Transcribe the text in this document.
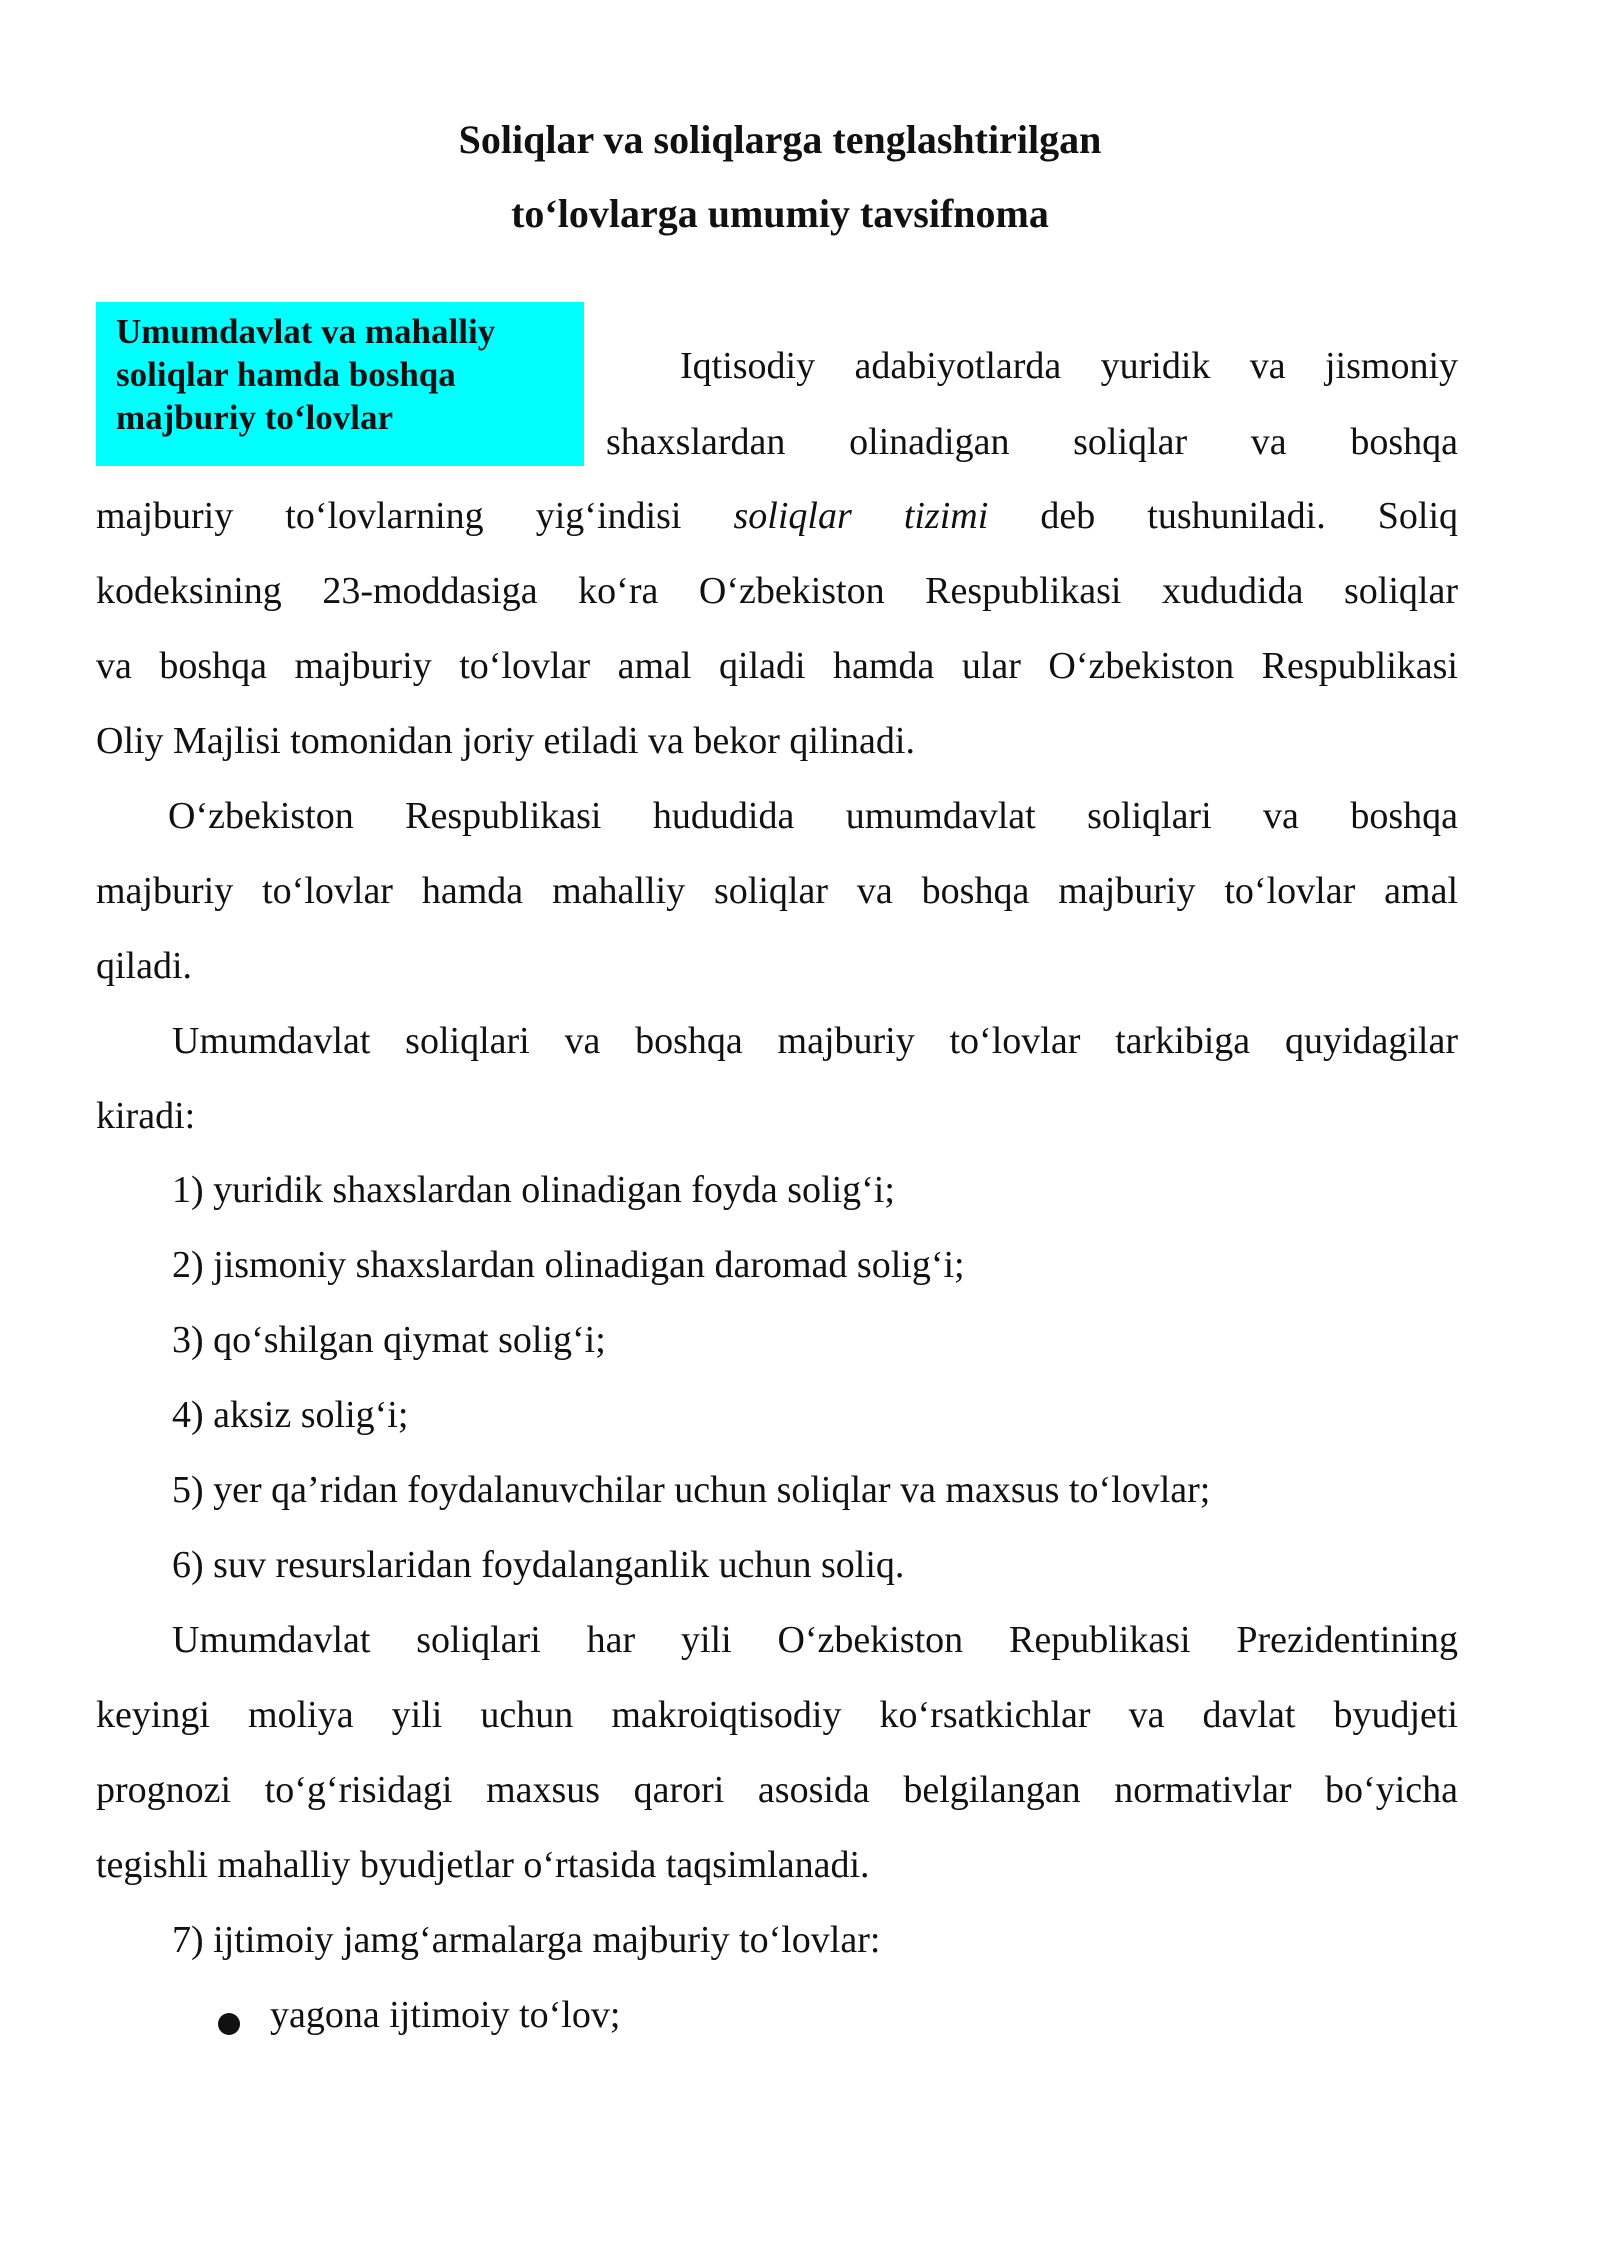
Soliqlar va soliqlarga tenglashtirilgan
to‘lovlarga umumiy tavsifnoma
Umumdavlat va mahalliy soliqlar hamda boshqa majburiy to‘lovlar

Iqtisodiy adabiyotlarda yuridik va jismoniy

shaxslardan olinadigan soliqlar va boshqa

majburiy to‘lovlarning yig‘indisi soliqlar tizimi deb tushuniladi. Soliq

kodeksining 23-moddasiga ko‘ra O‘zbekiston Respublikasi xududida soliqlar

va boshqa majburiy to‘lovlar amal qiladi hamda ular O‘zbekiston Respublikasi

Oliy Majlisi tomonidan joriy etiladi va bekor qilinadi.

O‘zbekiston Respublikasi hududida umumdavlat soliqlari va boshqa

majburiy to‘lovlar hamda mahalliy soliqlar va boshqa majburiy to‘lovlar amal

qiladi.

Umumdavlat soliqlari va boshqa majburiy to‘lovlar tarkibiga quyidagilar

kiradi:

1) yuridik shaxslardan olinadigan foyda solig‘i;

2) jismoniy shaxslardan olinadigan daromad solig‘i;

3) qo‘shilgan qiymat solig‘i;

4) aksiz solig‘i;

5) yer qa’ridan foydalanuvchilar uchun soliqlar va maxsus to‘lovlar;

6) suv resurslaridan foydalanganlik uchun soliq.

Umumdavlat soliqlari har yili O‘zbekiston Republikasi Prezidentining

keyingi moliya yili uchun makroiqtisodiy ko‘rsatkichlar va davlat byudjeti

prognozi to‘g‘risidagi maxsus qarori asosida belgilangan normativlar bo‘yicha

tegishli mahalliy byudjetlar o‘rtasida taqsimlanadi.

7) ijtimoiy jamg‘armalarga majburiy to‘lovlar:

yagona ijtimoiy to‘lov;
